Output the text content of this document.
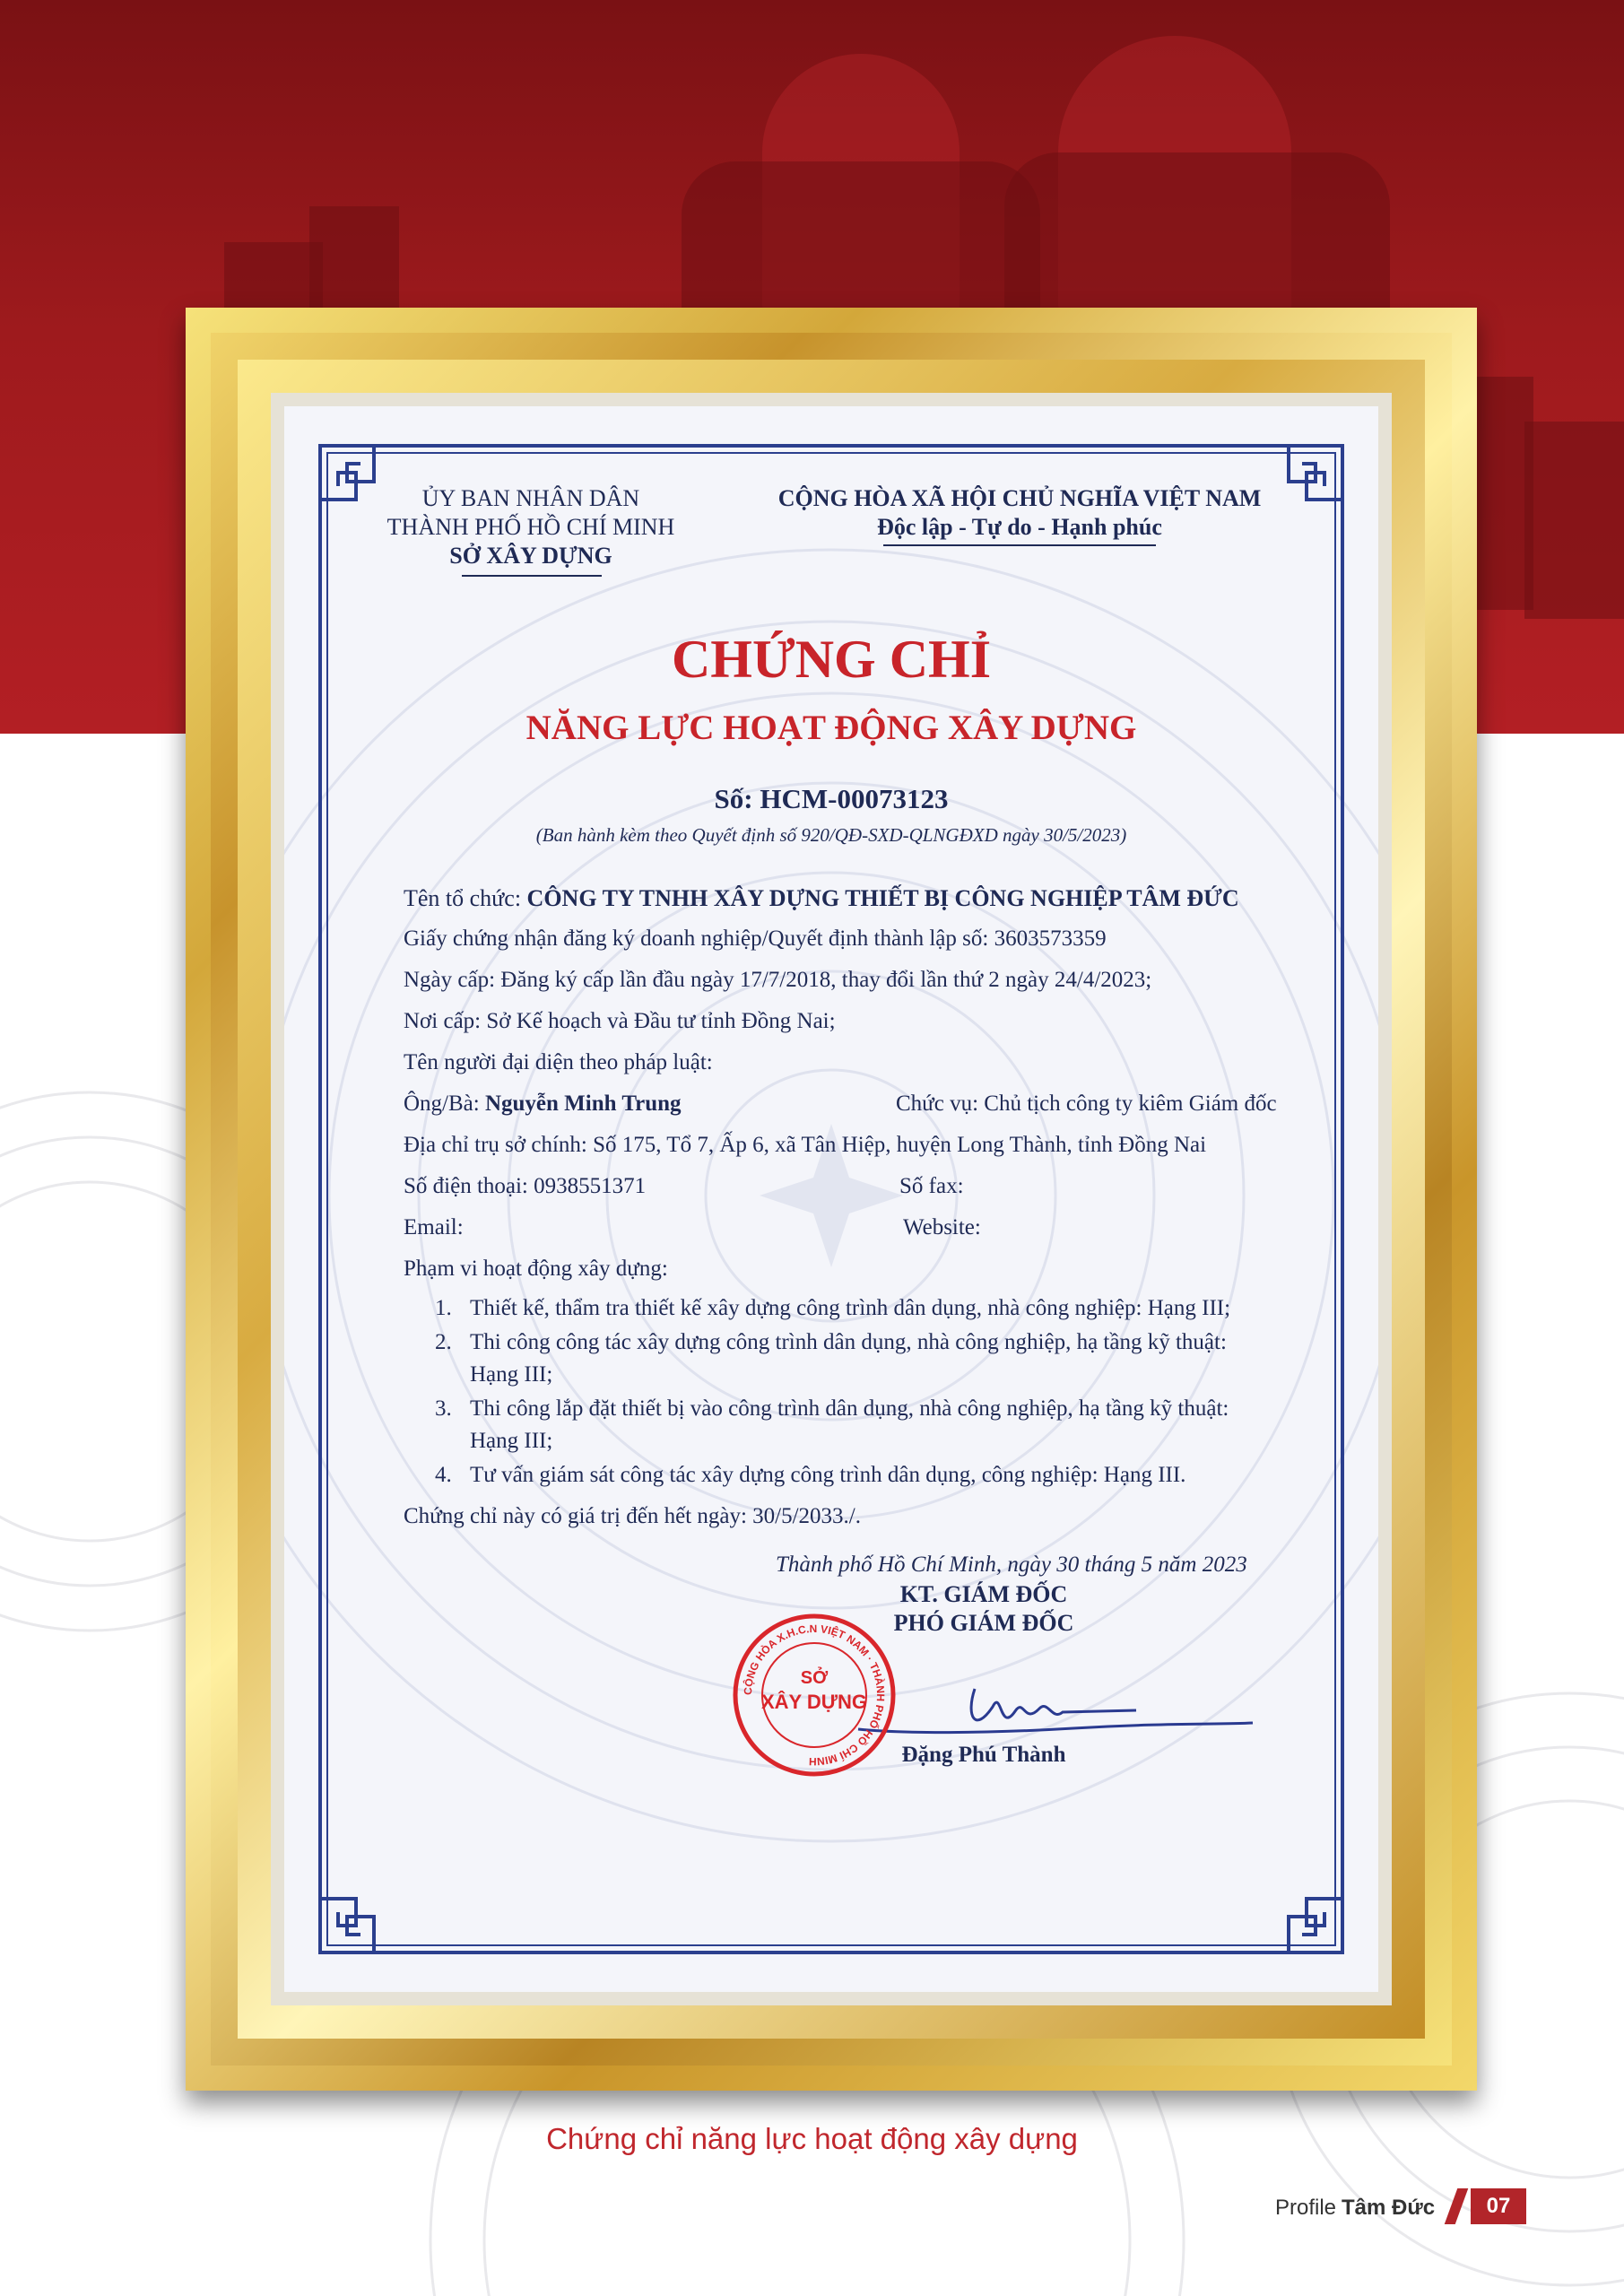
ỦY BAN NHÂN DÂN
THÀNH PHỐ HỒ CHÍ MINH
SỞ XÂY DỰNG
CỘNG HÒA XÃ HỘI CHỦ NGHĨA VIỆT NAM
Độc lập - Tự do - Hạnh phúc
CHỨNG CHỈ
NĂNG LỰC HOẠT ĐỘNG XÂY DỰNG
Số: HCM-00073123
(Ban hành kèm theo Quyết định số 920/QĐ-SXD-QLNGĐXD ngày 30/5/2023)
Tên tổ chức: CÔNG TY TNHH XÂY DỰNG THIẾT BỊ CÔNG NGHIỆP TÂM ĐỨC
Giấy chứng nhận đăng ký doanh nghiệp/Quyết định thành lập số: 3603573359
Ngày cấp: Đăng ký cấp lần đầu ngày 17/7/2018, thay đổi lần thứ 2 ngày 24/4/2023;
Nơi cấp: Sở Kế hoạch và Đầu tư tỉnh Đồng Nai;
Tên người đại diện theo pháp luật:
Ông/Bà: Nguyễn Minh Trung	Chức vụ: Chủ tịch công ty kiêm Giám đốc
Địa chỉ trụ sở chính: Số 175, Tổ 7, Ấp 6, xã Tân Hiệp, huyện Long Thành, tỉnh Đồng Nai
Số điện thoại: 0938551371	Số fax:
Email:	Website:
Phạm vi hoạt động xây dựng:
1. Thiết kế, thẩm tra thiết kế xây dựng công trình dân dụng, nhà công nghiệp: Hạng III;
2. Thi công công tác xây dựng công trình dân dụng, nhà công nghiệp, hạ tầng kỹ thuật:
Hạng III;
3. Thi công lắp đặt thiết bị vào công trình dân dụng, nhà công nghiệp, hạ tầng kỹ thuật:
Hạng III;
4. Tư vấn giám sát công tác xây dựng công trình dân dụng, công nghiệp: Hạng III.
Chứng chỉ này có giá trị đến hết ngày: 30/5/2033./.
Thành phố Hồ Chí Minh, ngày 30 tháng 5 năm 2023
KT. GIÁM ĐỐC
PHÓ GIÁM ĐỐC
CỘNG HÒA X.H.C.N VIỆT NAM · THÀNH PHỐ HỒ CHÍ MINH
SỞ
XÂY DỰNG
Đặng Phú Thành
Chứng chỉ năng lực hoạt động xây dựng
Profile Tâm Đức	07
